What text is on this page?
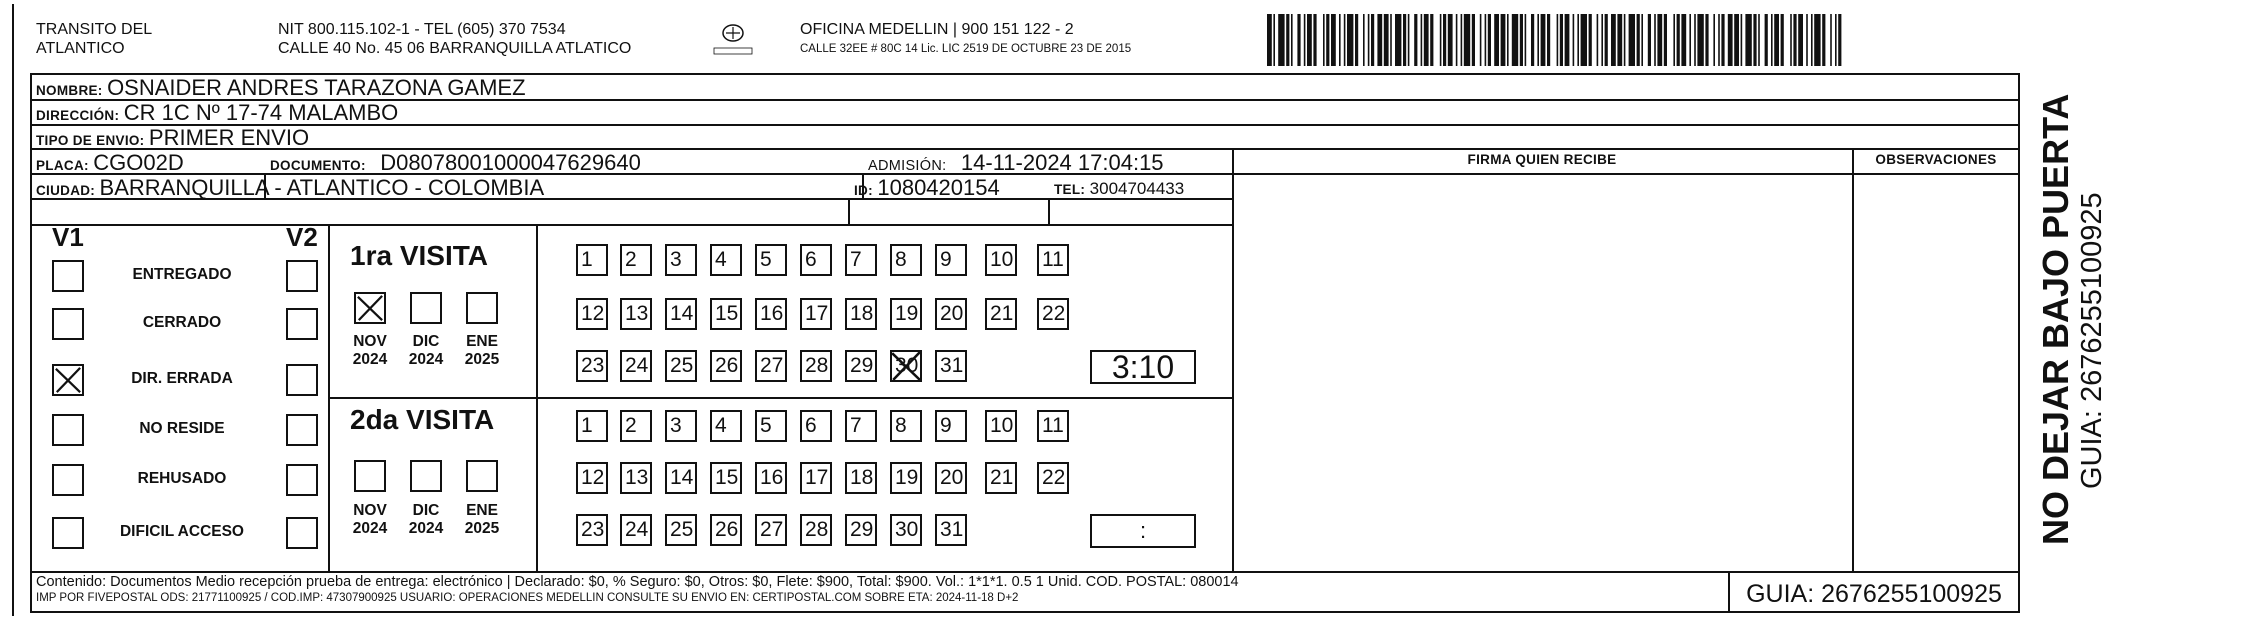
TRANSITO DEL
ATLANTICO
NIT 800.115.102-1 - TEL (605) 370 7534
CALLE 40 No. 45 06 BARRANQUILLA ATLATICO
OFICINA MEDELLIN | 900 151 122 - 2
CALLE 32EE # 80C 14 Lic. LIC 2519 DE OCTUBRE 23 DE 2015
NOMBRE: OSNAIDER ANDRES TARAZONA GAMEZ
DIRECCIÓN: CR 1C Nº 17-74 MALAMBO
TIPO DE ENVIO: PRIMER ENVIO
FIRMA QUIEN RECIBE	OBSERVACIONES
PLACA: CGO02D	DOCUMENTO: D08078001000047629640	ADMISIÓN: 14-11-2024 17:04:15
CIUDAD: BARRANQUILLA - ATLANTICO - COLOMBIA	ID: 1080420154	TEL: 3004704433
V1	V2
ENTREGADO
CERRADO
DIR. ERRADA
NO RESIDE
REHUSADO
DIFICIL ACCESO
1ra VISITA
NOV
2024
DIC
2024
ENE
2025
1	2	3	4	5	6	7	8	9	10 11
12 13 14 15 16 17 18 19 20 21 22
23 24 25 26 27 28 29 30 31	3:10
2da VISITA
NOV
2024
DIC
2024
ENE
2025
1	2	3	4	5	6	7	8	9	10 11
12 13 14 15 16 17 18 19 20 21 22
23 24 25 26 27 28 29 30 31	:
Contenido: Documentos Medio recepción prueba de entrega: electrónico | Declarado: $0, % Seguro: $0, Otros: $0, Flete: $900, Total: $900. Vol.: 1*1*1. 0.5 1 Unid. COD. POSTAL: 080014
IMP POR FIVEPOSTAL ODS: 21771100925 / COD.IMP: 47307900925 USUARIO: OPERACIONES MEDELLIN CONSULTE SU ENVIO EN: CERTIPOSTAL.COM SOBRE ETA: 2024-11-18 D+2	GUIA: 2676255100925
NO DEJAR BAJO PUERTA GUIA: 2676255100925
